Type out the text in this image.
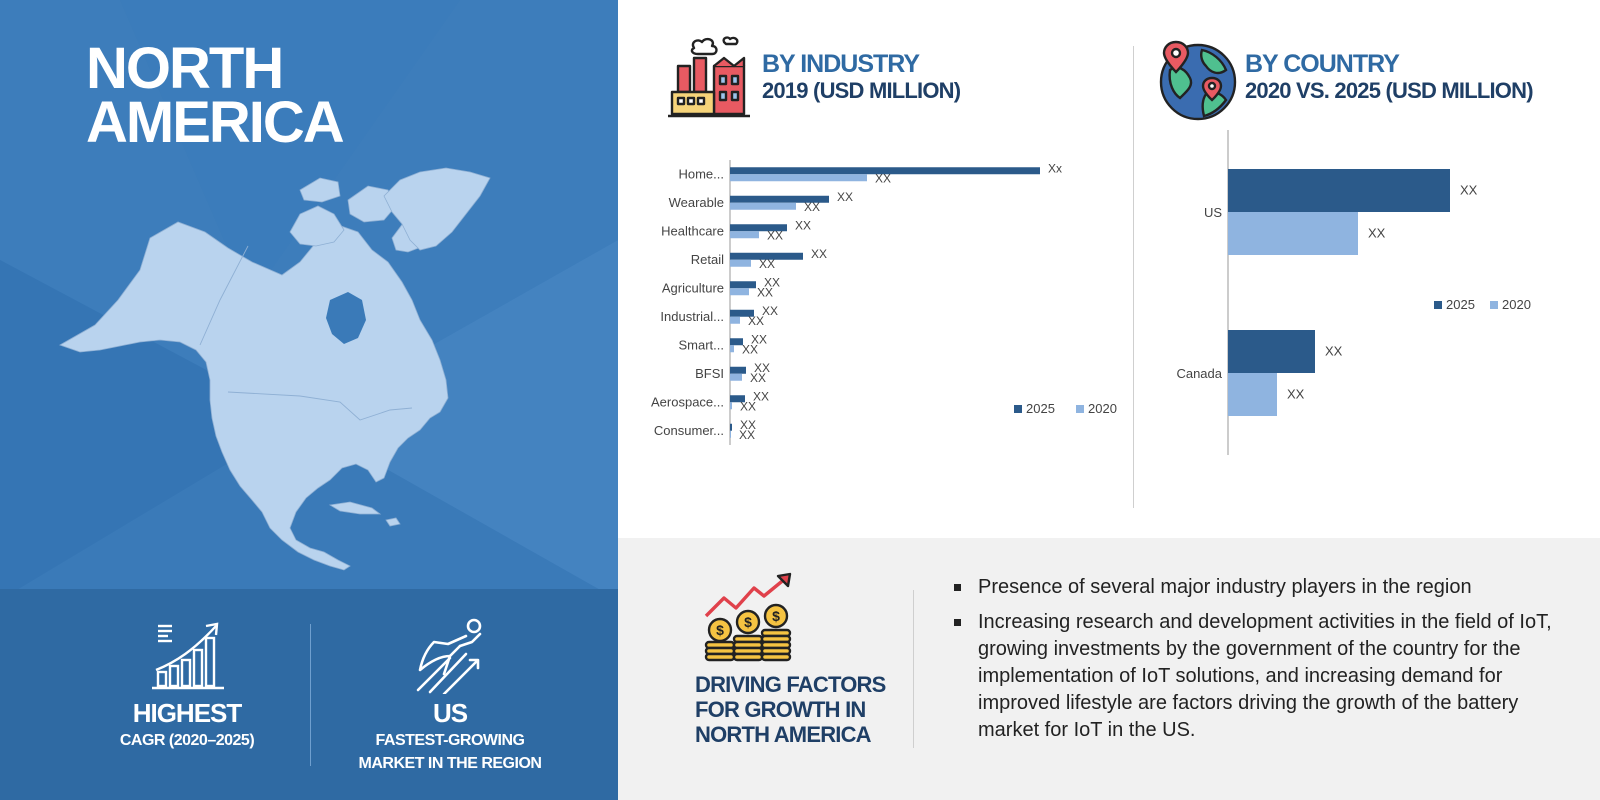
NORTH
AMERICA
HIGHEST
CAGR (2020–2025)
US
FASTEST-GROWING
MARKET IN THE REGION
BY INDUSTRY
2019 (USD MILLION)
Home...	Xx
XX
Wearable	XX
XX
Healthcare	XX
XX
Retail	XX
XX
Agriculture	XX
XX
Industrial...	XX
XX
Smart... XX
XX
BFSI	XX
XX
Aerospace... XX
XX
Consumer... XX
XX
2025	2020
BY COUNTRY
2020 VS. 2025 (USD MILLION)
US
XX
XX
Canada
XX
XX
2025 2020
$ $ $
DRIVING FACTORS
FOR GROWTH IN
NORTH AMERICA
Presence of several major industry players in the region
Increasing research and development activities in the field of IoT, growing investments by the government of the country for the implementation of IoT solutions, and increasing demand for improved lifestyle are factors driving the growth of the battery market for IoT in the US.
